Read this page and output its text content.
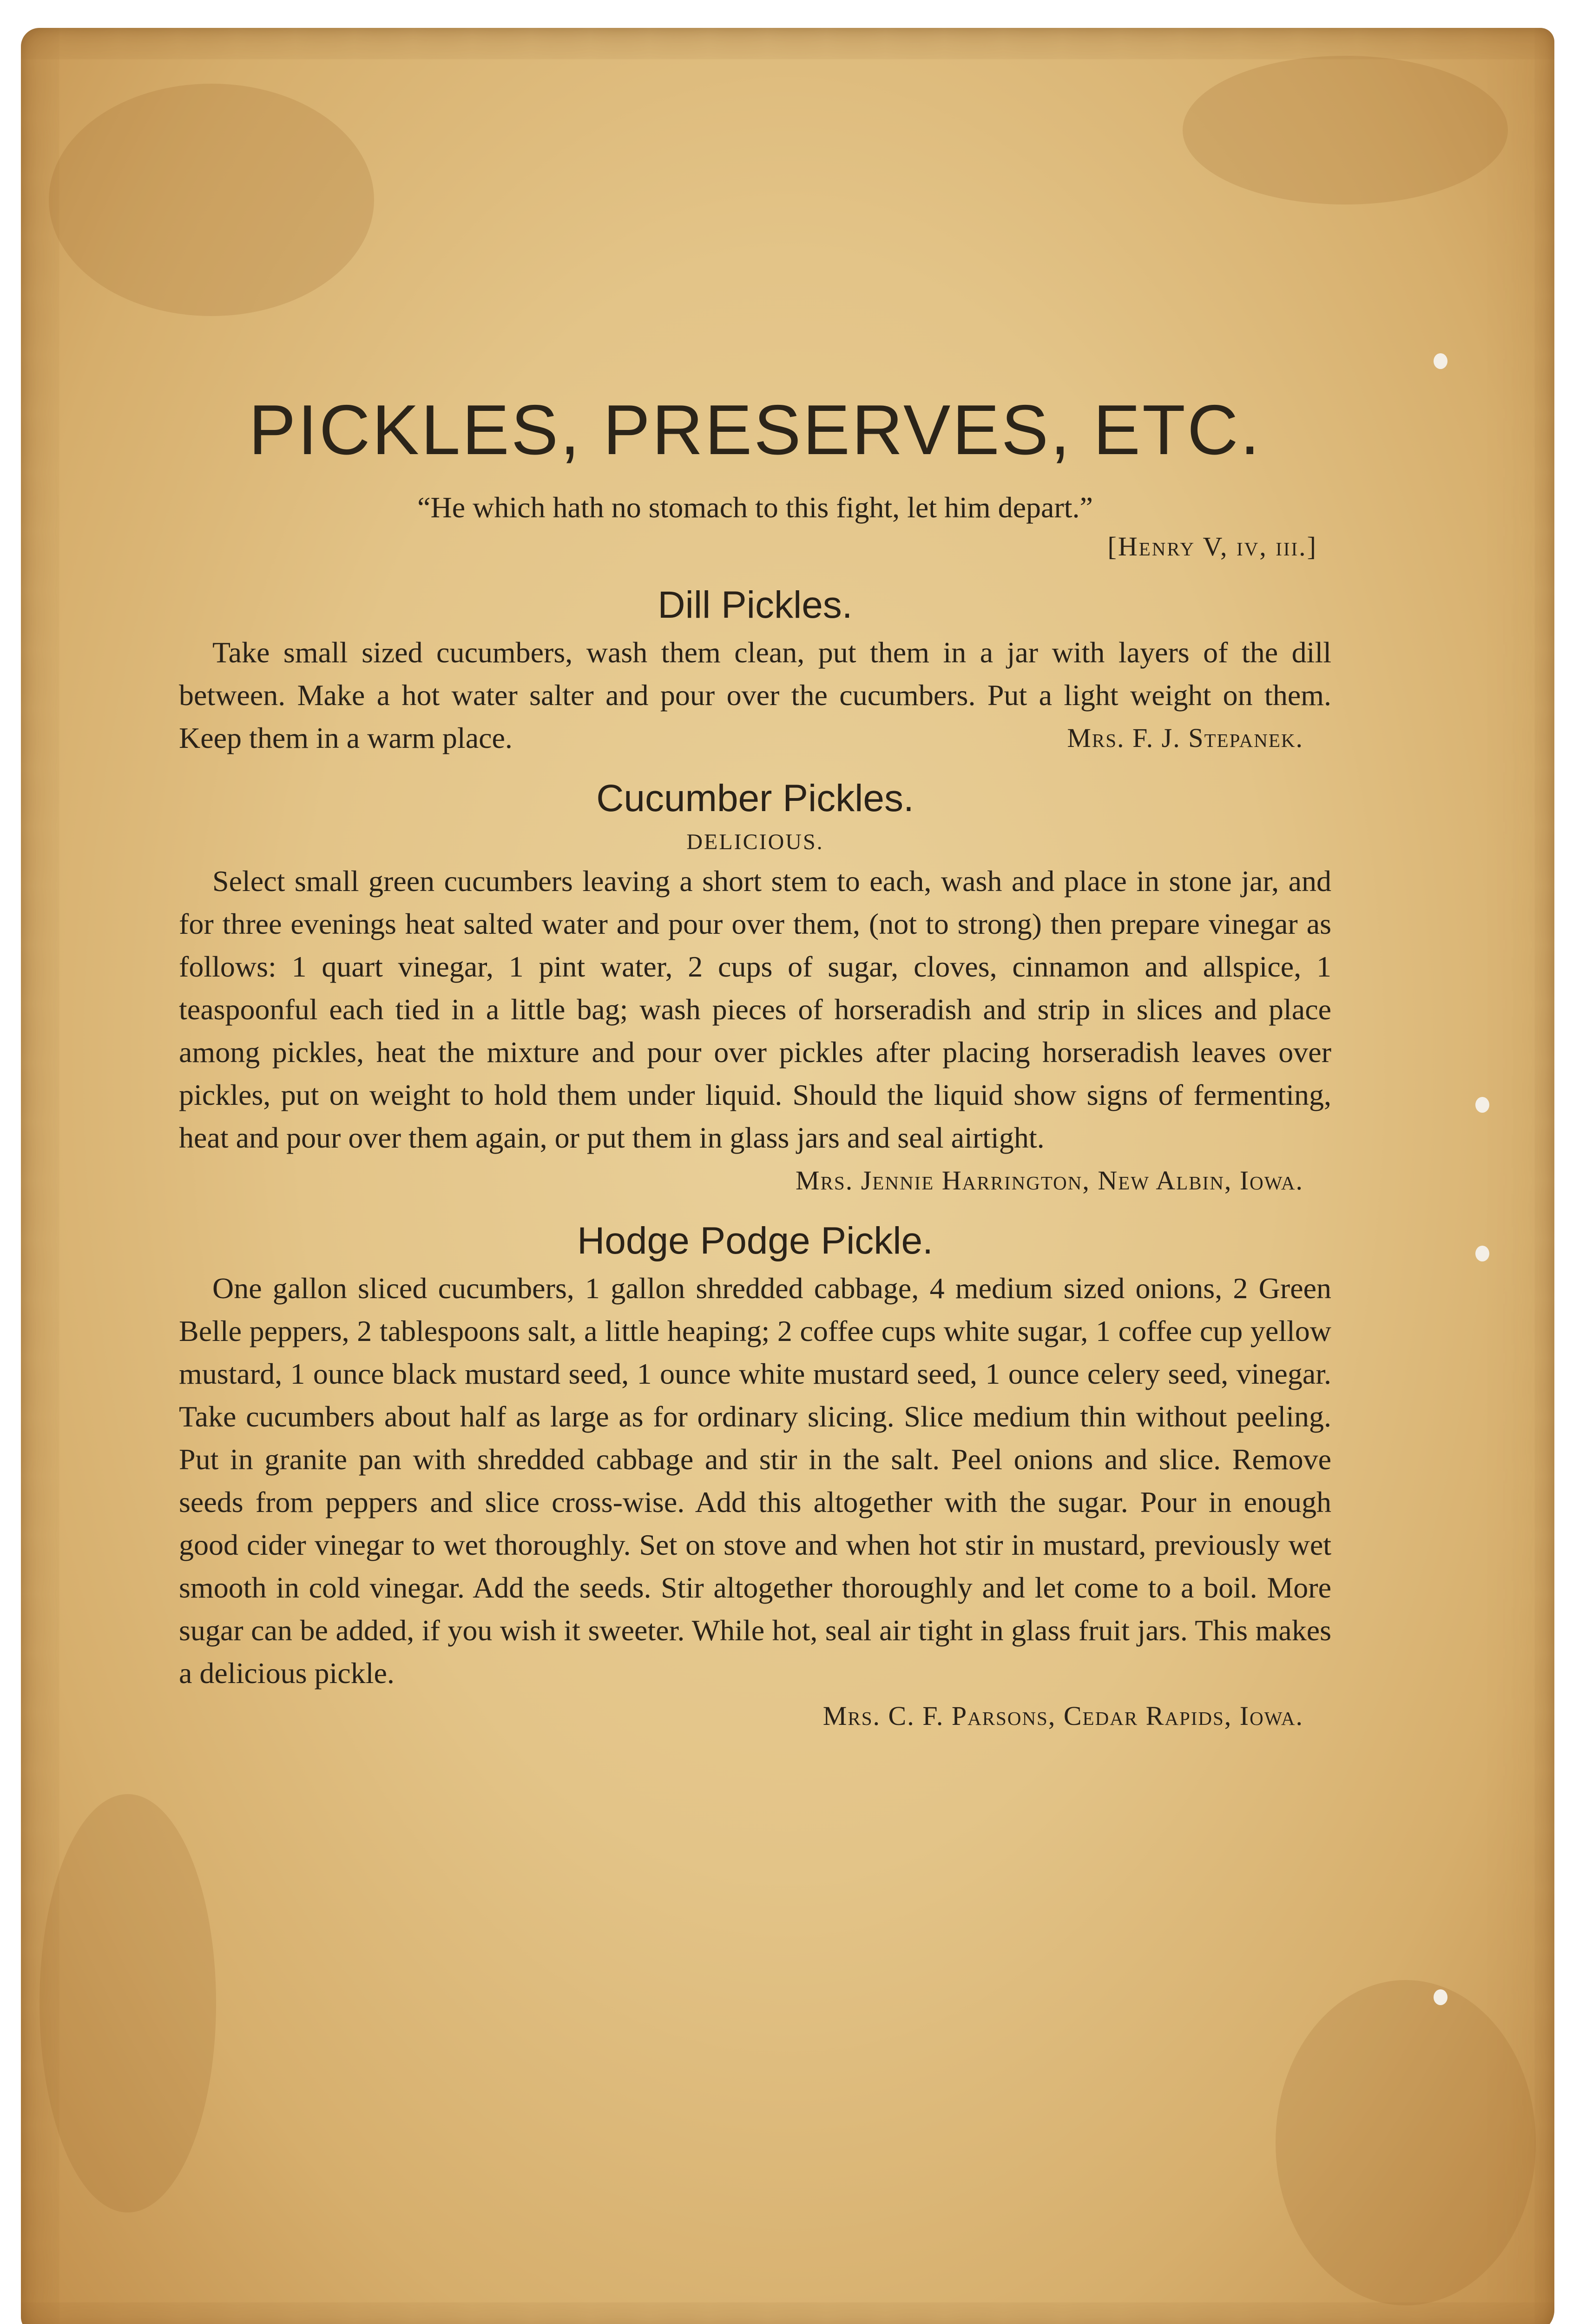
PICKLES, PRESERVES, ETC.
“He which hath no stomach to this fight, let him depart.”
[Henry V, iv, iii.]
Dill Pickles.

Take small sized cucumbers, wash them clean, put them in a jar with layers of the dill between. Make a hot water salter and pour over the cucumbers. Put a light weight on them. Keep them in a warm place.	Mrs. F. J. Stepanek.
Cucumber Pickles.
DELICIOUS.

Select small green cucumbers leaving a short stem to each, wash and place in stone jar, and for three evenings heat salted water and pour over them, (not to strong) then prepare vinegar as follows: 1 quart vinegar, 1 pint water, 2 cups of sugar, cloves, cinnamon and allspice, 1 teaspoonful each tied in a little bag; wash pieces of horseradish and strip in slices and place among pickles, heat the mixture and pour over pickles after placing horseradish leaves over pickles, put on weight to hold them under liquid. Should the liquid show signs of fermenting, heat and pour over them again, or put them in glass jars and seal airtight.

Mrs. Jennie Harrington, New Albin, Iowa.
Hodge Podge Pickle.

One gallon sliced cucumbers, 1 gallon shredded cabbage, 4 medium sized onions, 2 Green Belle peppers, 2 tablespoons salt, a little heaping; 2 coffee cups white sugar, 1 coffee cup yellow mustard, 1 ounce black mustard seed, 1 ounce white mustard seed, 1 ounce celery seed, vinegar. Take cucumbers about half as large as for ordinary slicing. Slice medium thin without peeling. Put in granite pan with shredded cabbage and stir in the salt. Peel onions and slice. Remove seeds from peppers and slice cross-wise. Add this altogether with the sugar. Pour in enough good cider vinegar to wet thoroughly. Set on stove and when hot stir in mustard, previously wet smooth in cold vinegar. Add the seeds. Stir altogether thoroughly and let come to a boil. More sugar can be added, if you wish it sweeter. While hot, seal air tight in glass fruit jars. This makes a delicious pickle.

Mrs. C. F. Parsons, Cedar Rapids, Iowa.
